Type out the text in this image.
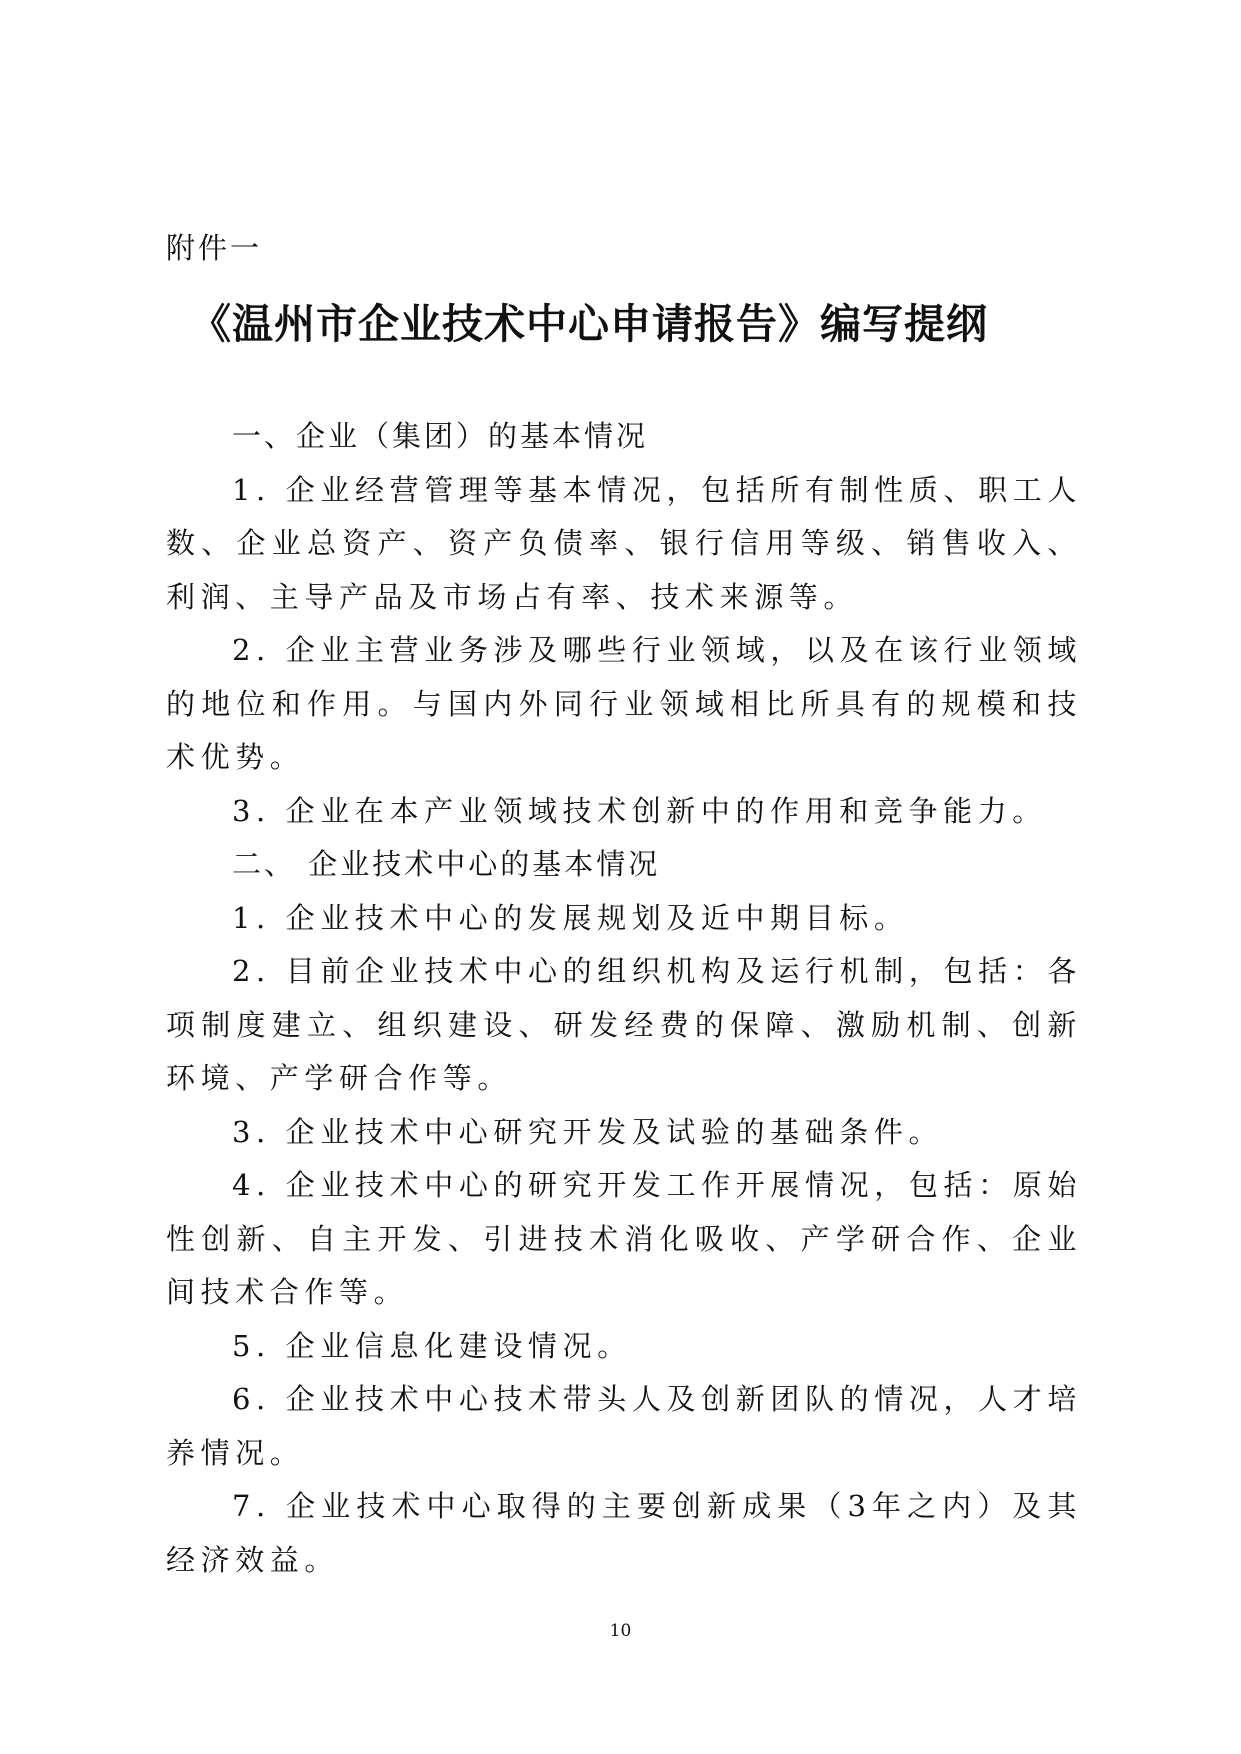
附件一
《温州市企业技术中心申请报告》编写提纲

一、企业（集团）的基本情况

1. 企业经营管理等基本情况，包括所有制性质、职工人数、企业总资产、资产负债率、银行信用等级、销售收入、利润、主导产品及市场占有率、技术来源等。

2. 企业主营业务涉及哪些行业领域，以及在该行业领域的地位和作用。与国内外同行业领域相比所具有的规模和技术优势。

3. 企业在本产业领域技术创新中的作用和竞争能力。

二、 企业技术中心的基本情况

1. 企业技术中心的发展规划及近中期目标。

2. 目前企业技术中心的组织机构及运行机制，包括：各项制度建立、组织建设、研发经费的保障、激励机制、创新环境、产学研合作等。

3. 企业技术中心研究开发及试验的基础条件。

4. 企业技术中心的研究开发工作开展情况，包括：原始性创新、自主开发、引进技术消化吸收、产学研合作、企业间技术合作等。

5. 企业信息化建设情况。

6. 企业技术中心技术带头人及创新团队的情况，人才培养情况。

7. 企业技术中心取得的主要创新成果（3年之内）及其经济效益。

10
